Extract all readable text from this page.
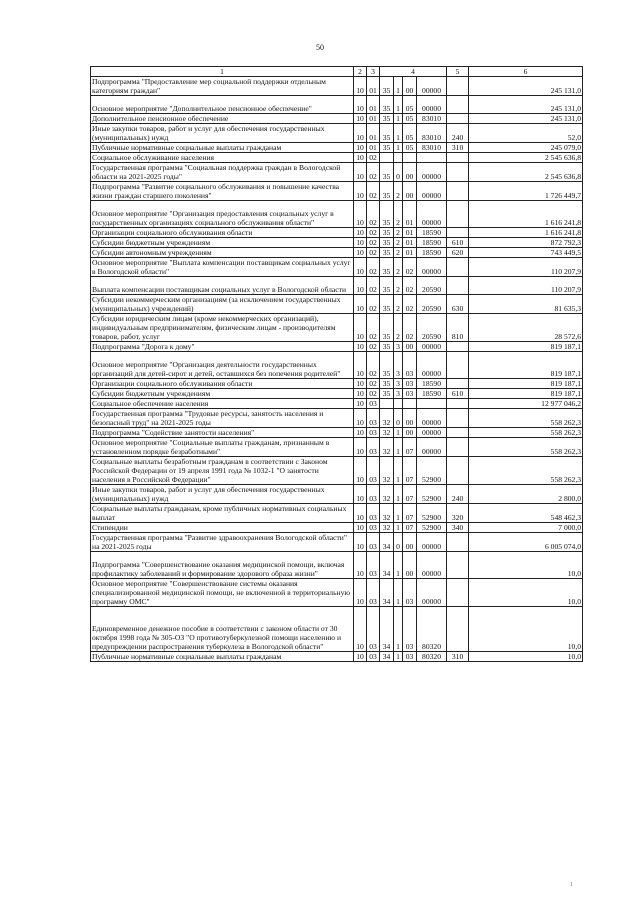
50
1	2	3	4				5	6
Подпрограмма "Предоставление мер социальной поддержки отдельным категориям граждан"	10	01	35	1	00	00000		245 131,0
Основное мероприятие "Дополнительное пенсионное обеспечение"	10	01	35	1	05	00000		245 131,0
Дополнительное пенсионное обеспечение	10	01	35	1	05	83010		245 131,0
Иные закупки товаров, работ и услуг для обеспечения государственных (муниципальных) нужд	10	01	35	1	05	83010	240	52,0
Публичные нормативные социальные выплаты гражданам	10	01	35	1	05	83010	310	245 079,0
Социальное обслуживание населения	10	02						2 545 636,8
Государственная программа "Социальная поддержка граждан в Вологодской области на 2021-2025 годы"	10	02	35	0	00	00000		2 545 636,8
Подпрограмма "Развитие социального обслуживания и повышение качества жизни граждан старшего поколения"	10	02	35	2	00	00000		1 726 449,7
Основное мероприятие "Организация предоставления социальных услуг в государственных организациях социального обслуживания области"	10	02	35	2	01	00000		1 616 241,8
Организации социального обслуживания области	10	02	35	2	01	18590		1 616 241,8
Субсидии бюджетным учреждениям	10	02	35	2	01	18590	610	872 792,3
Субсидии автономным учреждениям	10	02	35	2	01	18590	620	743 449,5
Основное мероприятие "Выплата компенсации поставщикам социальных услуг в Вологодской области"	10	02	35	2	02	00000		110 207,9
Выплата компенсации поставщикам социальных услуг в Вологодской области	10	02	35	2	02	20590		110 207,9
Субсидии некоммерческим организациям (за исключением государственных (муниципальных) учреждений)	10	02	35	2	02	20590	630	81 635,3
Субсидии юридическим лицам (кроме некоммерческих организаций), индивидуальным предпринимателям, физическим лицам - производителям товаров, работ, услуг	10	02	35	2	02	20590	810	28 572,6
Подпрограмма "Дорога к дому"	10	02	35	3	00	00000		819 187,1
Основное мероприятие "Организация деятельности государственных организаций для детей-сирот и детей, оставшихся без попечения родителей"	10	02	35	3	03	00000		819 187,1
Организации социального обслуживания области	10	02	35	3	03	18590		819 187,1
Субсидии бюджетным учреждениям	10	02	35	3	03	18590	610	819 187,1
Социальное обеспечение населения	10	03						12 977 046,2
Государственная программа "Трудовые ресурсы, занятость населения и безопасный труд" на 2021-2025 годы	10	03	32	0	00	00000		558 262,3
Подпрограмма "Содействие занятости населения"	10	03	32	1	00	00000		558 262,3
Основное мероприятие "Социальные выплаты гражданам, признанным в установленном порядке безработными"	10	03	32	1	07	00000		558 262,3
Социальные выплаты безработным гражданам в соответствии с Законом Российской Федерации от 19 апреля 1991 года № 1032-1 "О занятости населения в Российской Федерации"	10	03	32	1	07	52900		558 262,3
Иные закупки товаров, работ и услуг для обеспечения государственных (муниципальных) нужд	10	03	32	1	07	52900	240	2 800,0
Социальные выплаты гражданам, кроме публичных нормативных социальных выплат	10	03	32	1	07	52900	320	548 462,3
Стипендии	10	03	32	1	07	52900	340	7 000,0
Государственная программа "Развитие здравоохранения Вологодской области" на 2021-2025 годы	10	03	34	0	00	00000		6 005 074,0
Подпрограмма "Совершенствование оказания медицинской помощи, включая профилактику заболеваний и формирование здорового образа жизни"	10	03	34	1	00	00000		10,0
Основное мероприятие "Совершенствование системы оказания специализированной медицинской помощи, не включенной в территориальную программу ОМС"	10	03	34	1	03	00000		10,0
Единовременное денежное пособие в соответствии с законом области от 30 октября 1998 года № 305-ОЗ "О противотуберкулезной помощи населению и предупреждении распространения туберкулеза в Вологодской области"	10	03	34	1	03	80320		10,0
Публичные нормативные социальные выплаты гражданам	10	03	34	1	03	80320	310	10,0
1
